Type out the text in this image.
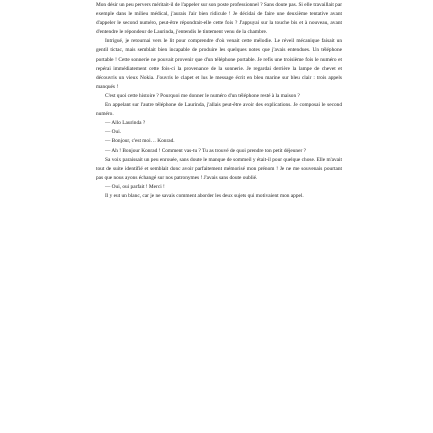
Mon désir un peu pervers méritait-il de l'appeler sur son poste professionnel ? Sans doute pas. Si elle travaillait par exemple dans le milieu médical, j'aurais l'air bien ridicule ! Je décidai de faire une deuxième tentative avant d'appeler le second numéro, peut-être répondrait-elle cette fois ? J'appuyai sur la touche bis et à nouveau, avant d'entendre le répondeur de Laurinda, j'entendis le tintement venu de la chambre.

Intrigué, je retournai vers le lit pour comprendre d'où venait cette mélodie. Le réveil mécanique faisait un gentil tictac, mais semblait bien incapable de produire les quelques notes que j'avais entendues. Un téléphone portable ! Cette sonnerie ne pouvait provenir que d'un téléphone portable. Je refis une troisième fois le numéro et repérai immédiatement cette fois-ci la provenance de la sonnerie. Je regardai derrière la lampe de chevet et découvris un vieux Nokia. J'ouvris le clapet et lus le message écrit en bleu marine sur bleu clair : trois appels manqués !

C'est quoi cette histoire ? Pourquoi me donner le numéro d'un téléphone resté à la maison ?

En appelant sur l'autre téléphone de Laurinda, j'allais peut-être avoir des explications. Je composai le second numéro.

— Allo Laurinda ?

— Oui.

— Bonjour, c'est moi… Konrad.

— Ah ! Bonjour Konrad ! Comment vas-tu ? Tu as trouvé de quoi prendre ton petit déjeuner ?

Sa voix paraissait un peu enrouée, sans doute le manque de sommeil y était-il pour quelque chose. Elle m'avait tout de suite identifié et semblait donc avoir parfaitement mémorisé mon prénom ! Je ne me souvenais pourtant pas que nous ayons échangé sur nos patronymes ! J'avais sans doute oublié.

— Oui, oui parfait ! Merci !

Il y eut un blanc, car je ne savais comment aborder les deux sujets qui motivaient mon appel.
